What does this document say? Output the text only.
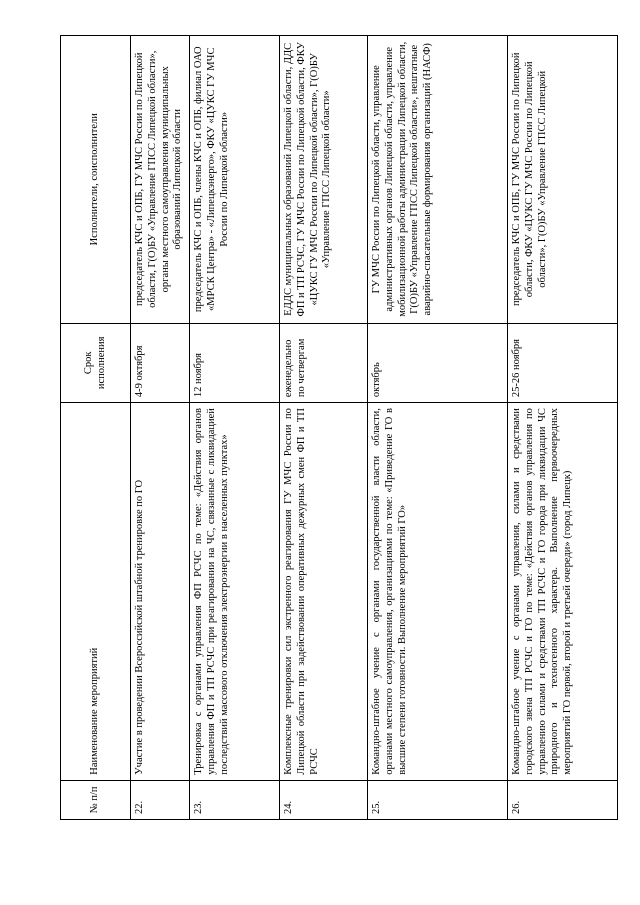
№ п/п	Наименование мероприятий	Срок исполнения	Исполнители, соисполнители
22.	Участие в проведении Всероссийской штабной тренировке по ГО	4-9 октября	председатель КЧС и ОПБ, ГУ МЧС России по Липецкой области, Г(О)БУ «Управление ГПСС Липецкой области», органы местного самоуправления муниципальных образований Липецкой области
23.	Тренировка с органами управления ФП РСЧС по теме: «Действия органов управления ФП и ТП РСЧС при реагировании на ЧС, связанные с ликвидацией последствий массового отключения электроэнергии в населенных пунктах»	12 ноября	председатель КЧС и ОПБ, члены КЧС и ОПБ, филиал ОАО «МРСК Центра» - «Липецкэнерго», ФКУ «ЦУКС ГУ МЧС России по Липецкой области»
24.	Комплексные тренировки сил экстренного реагирования ГУ МЧС России по Липецкой области при задействовании оперативных дежурных смен ФП и ТП РСЧС	еженедельно по четвергам	ЕДДС муниципальных образований Липецкой области, ДДС ФП и ТП РСЧС, ГУ МЧС России по Липецкой области, ФКУ «ЦУКС ГУ МЧС России по Липецкой области», Г(О)БУ «Управление ГПСС Липецкой области»
25.	Командно-штабное учение с органами государственной власти области, органами местного самоуправления, организациями по теме: «Приведение ГО в высшие степени готовности. Выполнение мероприятий ГО»	октябрь	ГУ МЧС России по Липецкой области, управление административных органов Липецкой области, управление мобилизационной работы администрации Липецкой области, Г(О)БУ «Управление ГПСС Липецкой области», нештатные аварийно-спасательные формирования организаций (НАСФ)
26.	Командно-штабное учение с органами управления, силами и средствами городского звена ТП РСЧС и ГО по теме: «Действия органов управления по управлению силами и средствами ТП РСЧС и ГО города при ликвидации ЧС природного и техногенного характера. Выполнение первоочередных мероприятий ГО первой, второй и третьей очереди» (город Липецк)	25-26 ноября	председатель КЧС и ОПБ, ГУ МЧС России по Липецкой области, ФКУ «ЦУКС ГУ МЧС России по Липецкой области», Г(О)БУ «Управление ГПСС Липецкой
